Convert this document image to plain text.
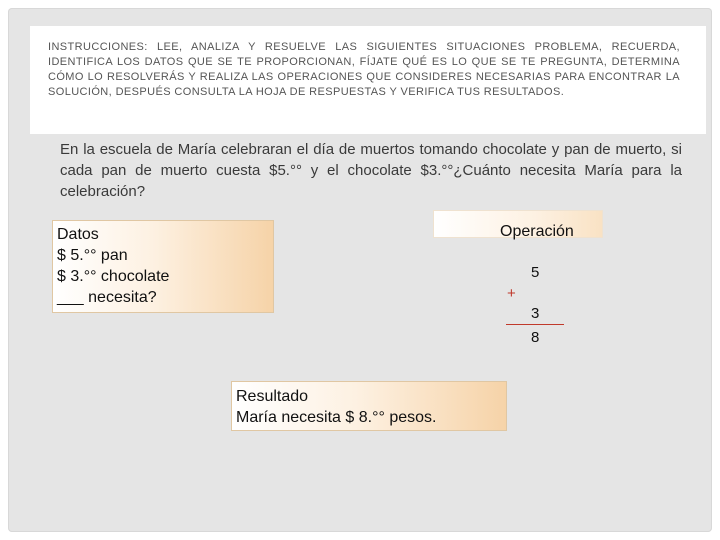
INSTRUCCIONES: LEE, ANALIZA Y RESUELVE LAS SIGUIENTES SITUACIONES PROBLEMA, RECUERDA, IDENTIFICA LOS DATOS QUE SE TE PROPORCIONAN, FÍJATE QUÉ ES LO QUE SE TE PREGUNTA, DETERMINA CÓMO LO RESOLVERÁS Y REALIZA LAS OPERACIONES QUE CONSIDERES NECESARIAS PARA ENCONTRAR LA SOLUCIÓN, DESPUÉS CONSULTA LA HOJA DE RESPUESTAS Y VERIFICA TUS RESULTADOS.
En la escuela de María celebraran el día de muertos tomando chocolate y pan de muerto, si cada pan de muerto cuesta $5.°° y el chocolate $3.°°¿Cuánto necesita María para la celebración?
Datos
$ 5.°° pan
$ 3.°° chocolate
___ necesita?
Operación
5
+
3
8
Resultado
María necesita $ 8.°° pesos.
